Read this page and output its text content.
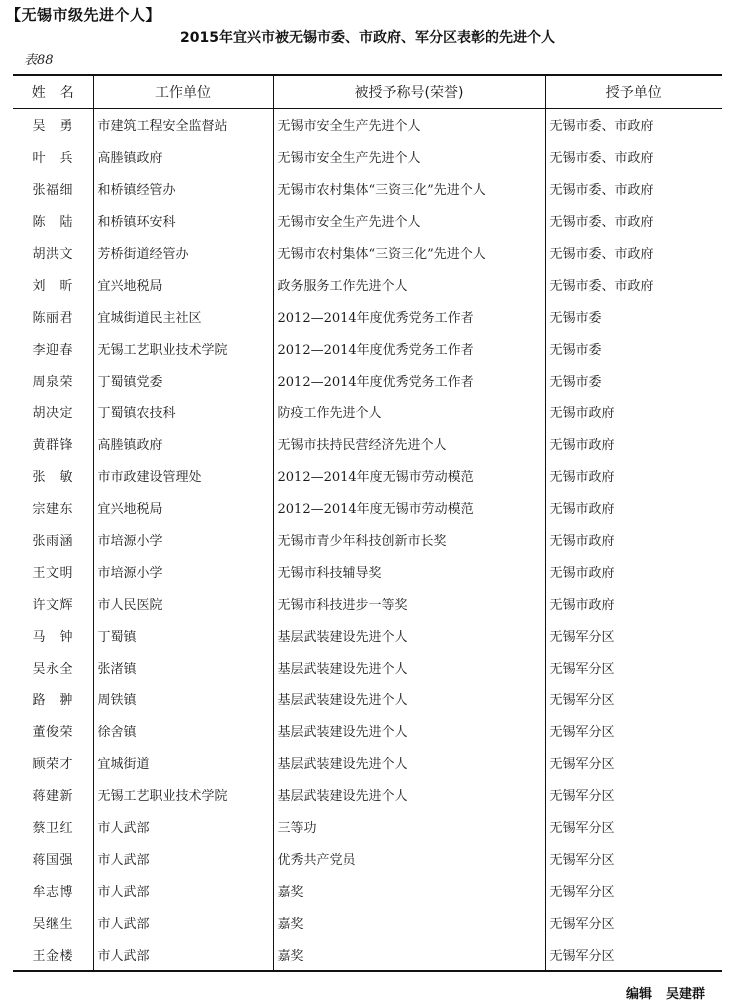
【无锡市级先进个人】
2015年宜兴市被无锡市委、市政府、军分区表彰的先进个人
表88
姓　名	工作单位	被授予称号(荣誉)	授予单位
吴　勇	市建筑工程安全监督站	无锡市安全生产先进个人	无锡市委、市政府
叶　兵	高塍镇政府	无锡市安全生产先进个人	无锡市委、市政府
张福细	和桥镇经管办	无锡市农村集体“三资三化”先进个人	无锡市委、市政府
陈　陆	和桥镇环安科	无锡市安全生产先进个人	无锡市委、市政府
胡洪文	芳桥街道经管办	无锡市农村集体“三资三化”先进个人	无锡市委、市政府
刘　昕	宜兴地税局	政务服务工作先进个人	无锡市委、市政府
陈丽君	宜城街道民主社区	2012—2014年度优秀党务工作者	无锡市委
李迎春	无锡工艺职业技术学院	2012—2014年度优秀党务工作者	无锡市委
周泉荣	丁蜀镇党委	2012—2014年度优秀党务工作者	无锡市委
胡决定	丁蜀镇农技科	防疫工作先进个人	无锡市政府
黄群锋	高塍镇政府	无锡市扶持民营经济先进个人	无锡市政府
张　敏	市市政建设管理处	2012—2014年度无锡市劳动模范	无锡市政府
宗建东	宜兴地税局	2012—2014年度无锡市劳动模范	无锡市政府
张雨涵	市培源小学	无锡市青少年科技创新市长奖	无锡市政府
王文明	市培源小学	无锡市科技辅导奖	无锡市政府
许文辉	市人民医院	无锡市科技进步一等奖	无锡市政府
马　钟	丁蜀镇	基层武装建设先进个人	无锡军分区
吴永全	张渚镇	基层武装建设先进个人	无锡军分区
路　翀	周铁镇	基层武装建设先进个人	无锡军分区
董俊荣	徐舍镇	基层武装建设先进个人	无锡军分区
顾荣才	宜城街道	基层武装建设先进个人	无锡军分区
蒋建新	无锡工艺职业技术学院	基层武装建设先进个人	无锡军分区
蔡卫红	市人武部	三等功	无锡军分区
蒋国强	市人武部	优秀共产党员	无锡军分区
牟志博	市人武部	嘉奖	无锡军分区
吴继生	市人武部	嘉奖	无锡军分区
王金楼	市人武部	嘉奖	无锡军分区
编辑 吴建群
